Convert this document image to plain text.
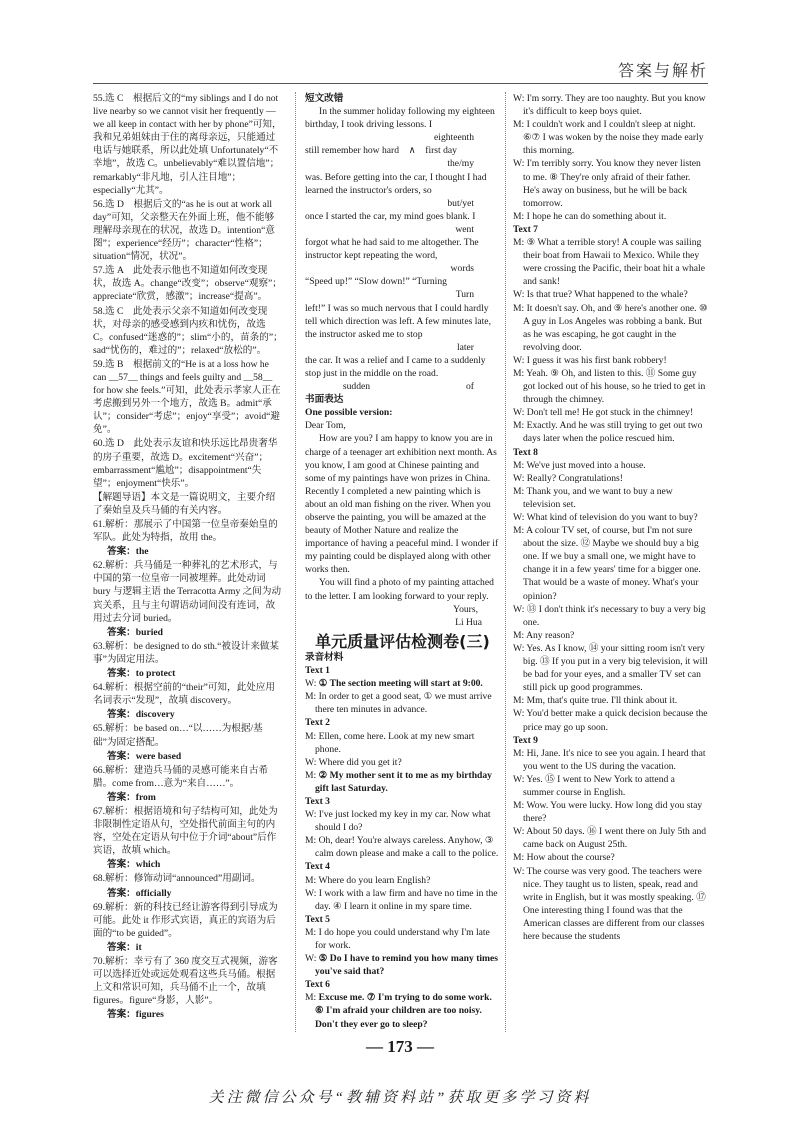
答案与解析
55.选 C　根据后文的“my siblings and I do not live nearby so we cannot visit her frequently — we all keep in contact with her by phone”可知，我和兄弟姐妹由于住的离母亲远，只能通过电话与她联系，所以此处填 Unfortunately“不幸地”，故选 C。unbelievably“难以置信地”；remarkably“非凡地，引人注目地”；especially“尤其”。
56.选 D　根据后文的“as he is out at work all day”可知，父亲整天在外面上班，他不能够理解母亲现在的状况，故选 D。intention“意图”；experience“经历”；character“性格”；situation“情况，状况”。
57.选 A　此处表示他也不知道如何改变现状，故选 A。change“改变”；observe“观察”；appreciate“欣赏，感激”；increase“提高”。
58.选 C　此处表示父亲不知道如何改变现状，对母亲的感受感到内疚和忧伤，故选 C。confused“迷惑的”；slim“小的，苗条的”；sad“忧伤的，难过的”；relaxed“放松的”。
59.选 B　根据前文的“He is at a loss how he can __57__ things and feels guilty and __58__ for how she feels.”可知，此处表示孝家人正在考虑搬到另外一个地方，故选 B。admit“承认”；consider“考虑”；enjoy“享受”；avoid“避免”。
60.选 D　此处表示友谊和快乐远比昂贵奢华的房子重要，故选 D。excitement“兴奋”；embarrassment“尴尬”；disappointment“失望”；enjoyment“快乐”。
【解题导语】本文是一篇说明文，主要介绍了秦始皇及兵马俑的有关内容。
61.解析：那展示了中国第一位皇帝秦始皇的军队。此处为特指，故用 the。
答案：the
62.解析：兵马俑是一种葬礼的艺术形式，与中国的第一位皇帝一同被埋葬。此处动词 bury 与逻辑主语 the Terracotta Army 之间为动宾关系，且与主句谓语动词间没有连词，故用过去分词 buried。
答案：buried
63.解析：be designed to do sth.“被设计来做某事”为固定用法。
答案：to protect
64.解析：根据空前的“their”可知，此处应用名词表示“发现”，故填 discovery。
答案：discovery
65.解析：be based on…“以……为根据/基础”为固定搭配。
答案：were based
66.解析：建造兵马俑的灵感可能来自古希腊。come from…意为“来自……”。
答案：from
67.解析：根据语境和句子结构可知，此处为非限制性定语从句，空处指代前面主句的内容，空处在定语从句中位于介词“about”后作宾语，故填 which。
答案：which
68.解析：修饰动词“announced”用副词。
答案：officially
69.解析：新的科技已经让游客得到引导成为可能。此处 it 作形式宾语，真正的宾语为后面的“to be guided”。
答案：it
70.解析：幸亏有了 360 度交互式视频，游客可以选择近处或远处观看这些兵马俑。根据上文和常识可知，兵马俑不止一个，故填 figures。figure“身影，人影”。
答案：figures
短文改错
In the summer holiday following my eighteen birthday, I took driving lessons. I
eighteenth
still remember how hard　∧　first day
the/my
was. Before getting into the car, I thought I had learned the instructor's orders, so
but/yet
once I started the car, my mind goes blank. I
went
forgot what he had said to me altogether. The instructor kept repeating the word,
words
“Speed up!” “Slow down!” “Turning
Turn
left!” I was so much nervous that I could hardly tell which direction was left. A few minutes late, the instructor asked me to stop
later
the car. It was a relief and I came to a suddenly stop just in the middle on the road.
sudden　　　　　　　　　　of
书面表达
One possible version:
Dear Tom,
How are you? I am happy to know you are in charge of a teenager art exhibition next month. As you know, I am good at Chinese painting and some of my paintings have won prizes in China. Recently I completed a new painting which is about an old man fishing on the river. When you observe the painting, you will be amazed at the beauty of Mother Nature and realize the importance of having a peaceful mind. I wonder if my painting could be displayed along with other works then.
You will find a photo of my painting attached to the letter. I am looking forward to your reply.
Yours,
Li Hua
单元质量评估检测卷(三)
录音材料
Text 1
W: ① The section meeting will start at 9:00.
M: In order to get a good seat, ① we must arrive there ten minutes in advance.
Text 2
M: Ellen, come here. Look at my new smart phone.
W: Where did you get it?
M: ② My mother sent it to me as my birthday gift last Saturday.
Text 3
W: I've just locked my key in my car. Now what should I do?
M: Oh, dear! You're always careless. Anyhow, ③ calm down please and make a call to the police.
Text 4
M: Where do you learn English?
W: I work with a law firm and have no time in the day. ④ I learn it online in my spare time.
Text 5
M: I do hope you could understand why I'm late for work.
W: ⑤ Do I have to remind you how many times you've said that?
Text 6
M: Excuse me. ⑦ I'm trying to do some work. ⑥ I'm afraid your children are too noisy. Don't they ever go to sleep?
W: I'm sorry. They are too naughty. But you know it's difficult to keep boys quiet.
M: I couldn't work and I couldn't sleep at night. ⑥⑦ I was woken by the noise they made early this morning.
W: I'm terribly sorry. You know they never listen to me. ⑧ They're only afraid of their father. He's away on business, but he will be back tomorrow.
M: I hope he can do something about it.
Text 7
M: ⑨ What a terrible story! A couple was sailing their boat from Hawaii to Mexico. While they were crossing the Pacific, their boat hit a whale and sank!
W: Is that true? What happened to the whale?
M: It doesn't say. Oh, and ⑨ here's another one. ⑩ A guy in Los Angeles was robbing a bank. But as he was escaping, he got caught in the revolving door.
W: I guess it was his first bank robbery!
M: Yeah. ⑨ Oh, and listen to this. ⑪ Some guy got locked out of his house, so he tried to get in through the chimney.
W: Don't tell me! He got stuck in the chimney!
M: Exactly. And he was still trying to get out two days later when the police rescued him.
Text 8
M: We've just moved into a house.
W: Really? Congratulations!
M: Thank you, and we want to buy a new television set.
W: What kind of television do you want to buy?
M: A colour TV set, of course, but I'm not sure about the size. ⑫ Maybe we should buy a big one. If we buy a small one, we might have to change it in a few years' time for a bigger one. That would be a waste of money. What's your opinion?
W: ⑬ I don't think it's necessary to buy a very big one.
M: Any reason?
W: Yes. As I know, ⑭ your sitting room isn't very big. ⑬ If you put in a very big television, it will be bad for your eyes, and a smaller TV set can still pick up good programmes.
M: Mm, that's quite true. I'll think about it.
W: You'd better make a quick decision because the price may go up soon.
Text 9
M: Hi, Jane. It's nice to see you again. I heard that you went to the US during the vacation.
W: Yes. ⑮ I went to New York to attend a summer course in English.
M: Wow. You were lucky. How long did you stay there?
W: About 50 days. ⑯ I went there on July 5th and came back on August 25th.
M: How about the course?
W: The course was very good. The teachers were nice. They taught us to listen, speak, read and write in English, but it was mostly speaking. ⑰ One interesting thing I found was that the American classes are different from our classes here because the students
— 173 —
关注微信公众号“教辅资料站”获取更多学习资料
